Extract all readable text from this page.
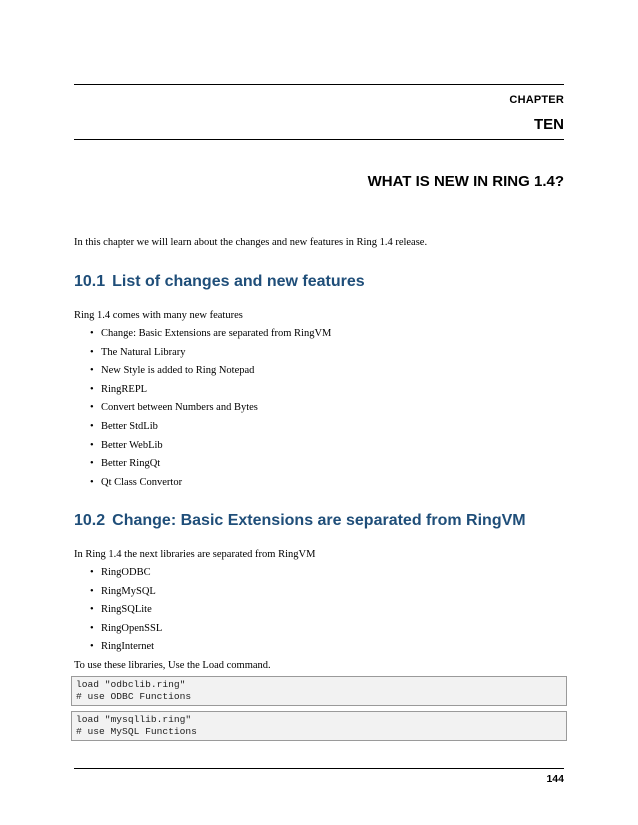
CHAPTER
TEN
WHAT IS NEW IN RING 1.4?
In this chapter we will learn about the changes and new features in Ring 1.4 release.
10.1 List of changes and new features
Ring 1.4 comes with many new features
• Change: Basic Extensions are separated from RingVM
• The Natural Library
• New Style is added to Ring Notepad
• RingREPL
• Convert between Numbers and Bytes
• Better StdLib
• Better WebLib
• Better RingQt
• Qt Class Convertor
10.2 Change: Basic Extensions are separated from RingVM
In Ring 1.4 the next libraries are separated from RingVM
• RingODBC
• RingMySQL
• RingSQLite
• RingOpenSSL
• RingInternet
To use these libraries, Use the Load command.
load "odbclib.ring"
# use ODBC Functions
load "mysqllib.ring"
# use MySQL Functions
144
